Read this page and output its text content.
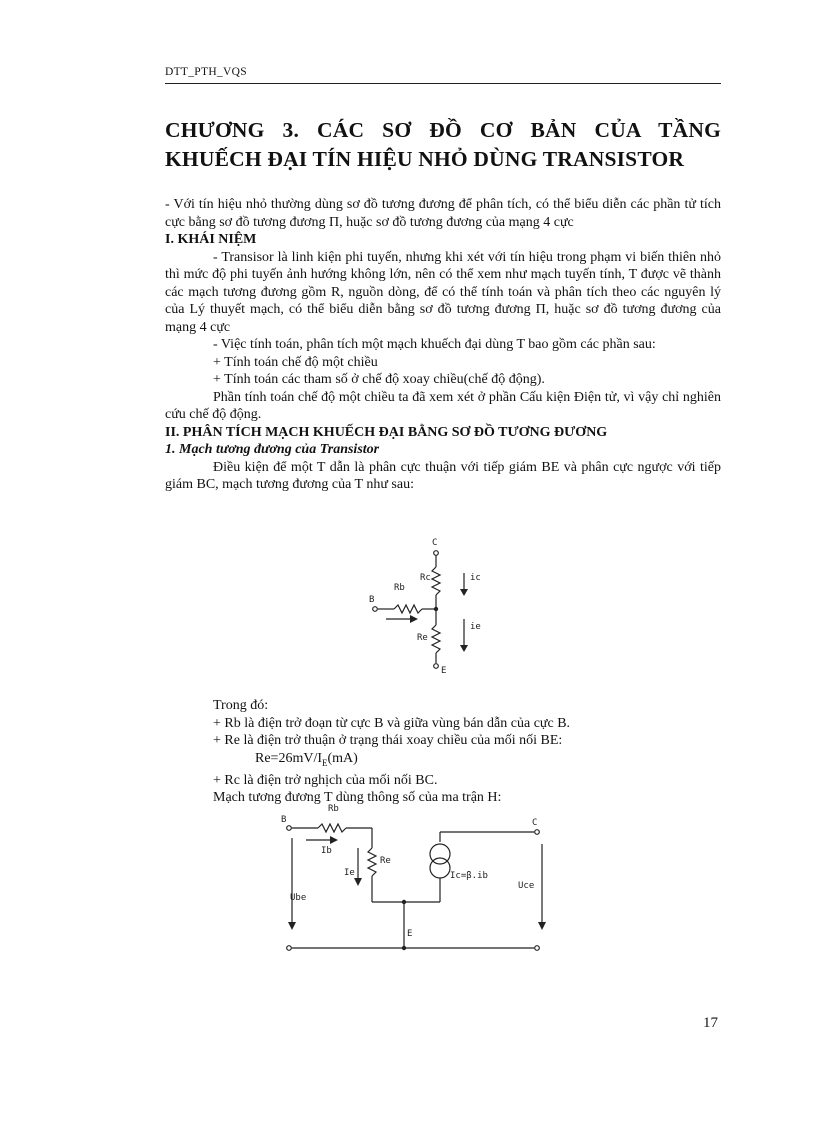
DTT_PTH_VQS
CHƯƠNG 3. CÁC SƠ ĐỒ CƠ BẢN CỦA TẦNG
KHUẾCH ĐẠI TÍN HIỆU NHỎ DÙNG TRANSISTOR

- Với tín hiệu nhỏ thường dùng sơ đồ tương đương để phân tích, có thể biểu diễn các phần tử tích cực bằng sơ đồ tương đương Π, huặc sơ đồ tương đương của mạng 4 cực

I. KHÁI NIỆM

- Transisor là linh kiện phi tuyến, nhưng khi xét với tín hiệu trong phạm vi biến thiên nhỏ thì mức độ phi tuyến ảnh hướng không lớn, nên có thể xem như mạch tuyến tính, T được vẽ thành các mạch tương đương gồm R, nguồn dòng, để có thể tính toán và phân tích theo các nguyên lý của Lý thuyết mạch, có thể biểu diễn bằng sơ đồ tương đương Π, huặc sơ đồ tương đương của mạng 4 cực

- Việc tính toán, phân tích một mạch khuếch đại dùng T bao gồm các phần sau:

+ Tính toán chế độ một chiều

+ Tính toán các tham số ở chế độ xoay chiều(chế độ động).

Phần tính toán chế độ một chiều ta đã xem xét ở phần Cấu kiện Điện tử, vì vậy chỉ nghiên cứu chế độ động.

II. PHÂN TÍCH MẠCH KHUẾCH ĐẠI BẰNG SƠ ĐỒ TƯƠNG ĐƯƠNG

1. Mạch tương đương của Transistor

Điều kiện để một T dẫn là phân cực thuận với tiếp giám BE và phân cực ngược với tiếp giám BC, mạch tương đương của T như sau:

C
Rc	ic
Rb
B
Re
ie
E

Trong đó:

+ Rb là điện trở đoạn từ cực B và giữa vùng bán dẫn của cực B.

+ Re là điện trở thuận ở trạng thái xoay chiều của mối nối BE:

$Re=26mV/I_E(mA)$

+ Rc là điện trở nghịch của mối nối BC.

Mạch tương đương T dùng thông số của ma trận H:

Rb
B	C
Ib
Re
Ie	Ic=β.ib
Uce
Ube
E
17
